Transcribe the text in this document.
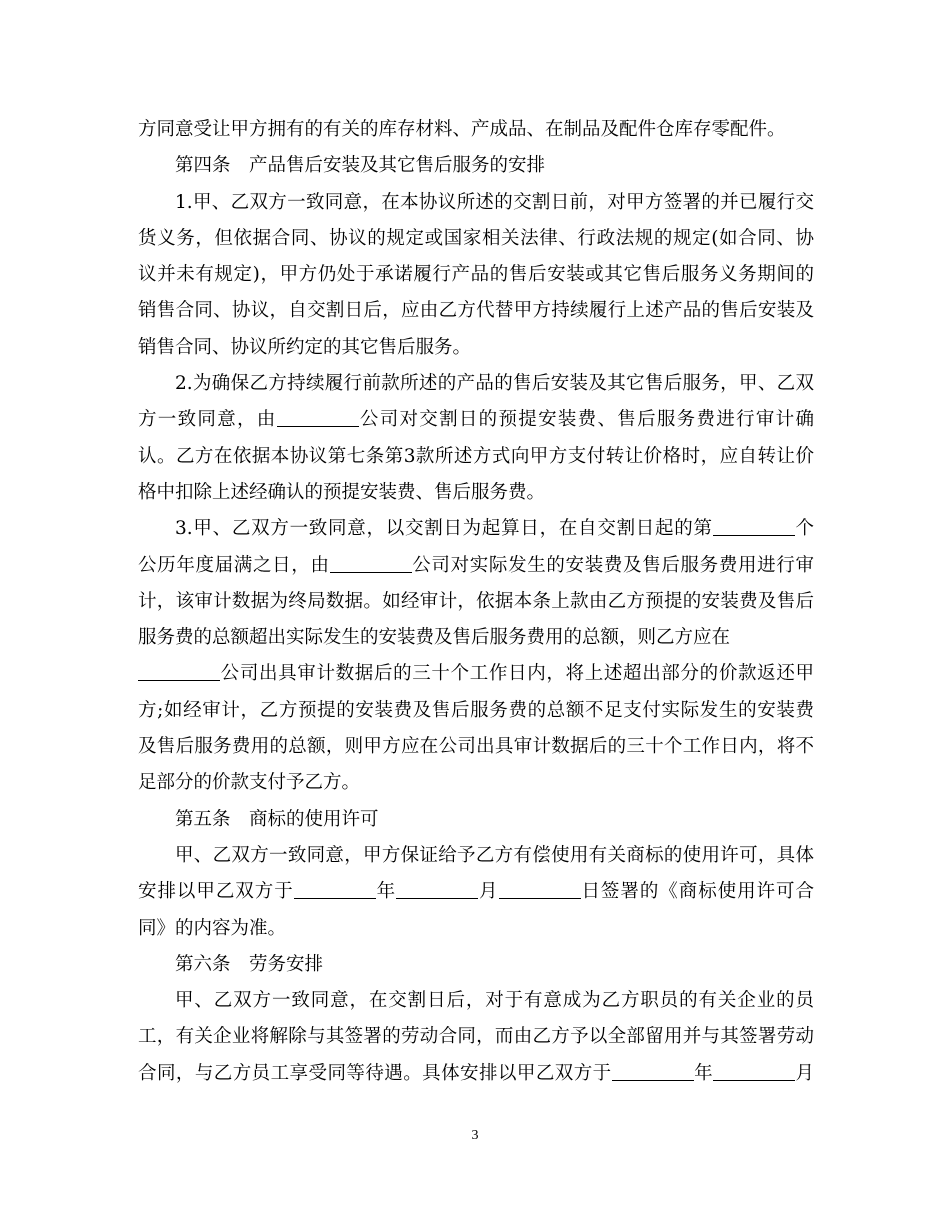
方同意受让甲方拥有的有关的库存材料、产成品、在制品及配件仓库存零配件。
第四条　产品售后安装及其它售后服务的安排
1.甲、乙双方一致同意，在本协议所述的交割日前，对甲方签署的并已履行交
货义务，但依据合同、协议的规定或国家相关法律、行政法规的规定(如合同、协
议并未有规定)，甲方仍处于承诺履行产品的售后安装或其它售后服务义务期间的
销售合同、协议，自交割日后，应由乙方代替甲方持续履行上述产品的售后安装及
销售合同、协议所约定的其它售后服务。
2.为确保乙方持续履行前款所述的产品的售后安装及其它售后服务，甲、乙双
方一致同意，由	公司对交割日的预提安装费、售后服务费进行审计确
认。乙方在依据本协议第七条第3款所述方式向甲方支付转让价格时，应自转让价
格中扣除上述经确认的预提安装费、售后服务费。
3.甲、乙双方一致同意，以交割日为起算日，在自交割日起的第	个
公历年度届满之日，由	公司对实际发生的安装费及售后服务费用进行审
计，该审计数据为终局数据。如经审计，依据本条上款由乙方预提的安装费及售后
服务费的总额超出实际发生的安装费及售后服务费用的总额，则乙方应在
公司出具审计数据后的三十个工作日内，将上述超出部分的价款返还甲
方;如经审计，乙方预提的安装费及售后服务费的总额不足支付实际发生的安装费
及售后服务费用的总额，则甲方应在公司出具审计数据后的三十个工作日内，将不
足部分的价款支付予乙方。
第五条　商标的使用许可
甲、乙双方一致同意，甲方保证给予乙方有偿使用有关商标的使用许可，具体
安排以甲乙双方于	年	月	日签署的《商标使用许可合
同》的内容为准。
第六条　劳务安排
甲、乙双方一致同意，在交割日后，对于有意成为乙方职员的有关企业的员
工，有关企业将解除与其签署的劳动合同，而由乙方予以全部留用并与其签署劳动
合同，与乙方员工享受同等待遇。具体安排以甲乙双方于	年	月
3
